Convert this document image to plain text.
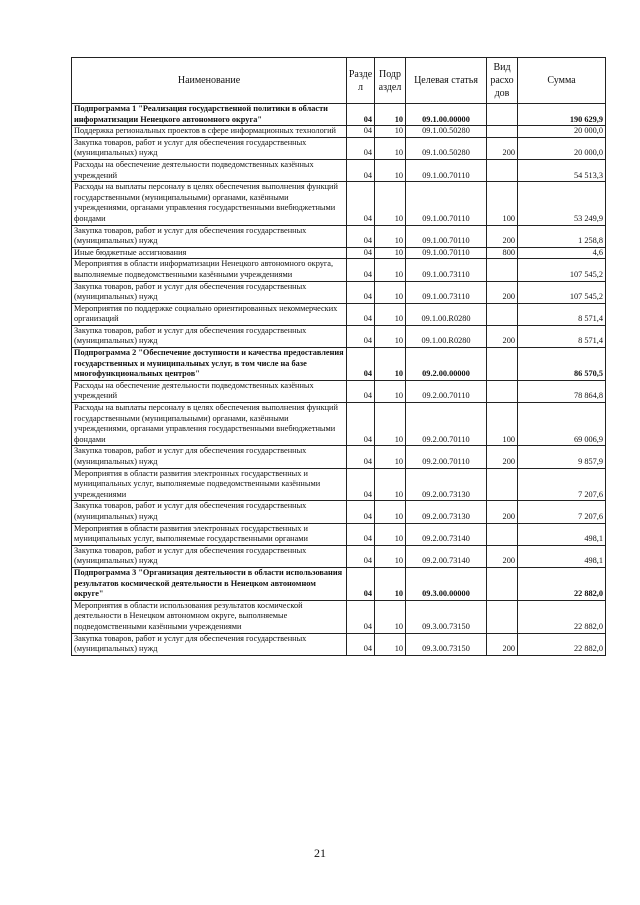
Наименование	Разде л	Подр аздел	Целевая статья	Вид расхо дов	Сумма
Подпрограмма 1 "Реализация государственной политики в области информатизации Ненецкого автономного округа"	04	10	09.1.00.00000		190 629,9
Поддержка региональных проектов в сфере информационных технологий	04	10	09.1.00.50280		20 000,0
Закупка товаров, работ и услуг для обеспечения государственных (муниципальных) нужд	04	10	09.1.00.50280	200	20 000,0
Расходы на обеспечение деятельности подведомственных казённых учреждений	04	10	09.1.00.70110		54 513,3
Расходы на выплаты персоналу в целях обеспечения выполнения функций государственными (муниципальными) органами, казёнными учреждениями, органами управления государственными внебюджетными фондами	04	10	09.1.00.70110	100	53 249,9
Закупка товаров, работ и услуг для обеспечения государственных (муниципальных) нужд	04	10	09.1.00.70110	200	1 258,8
Иные бюджетные ассигнования	04	10	09.1.00.70110	800	4,6
Мероприятия в области информатизации Ненецкого автономного округа, выполняемые подведомственными казёнными учреждениями	04	10	09.1.00.73110		107 545,2
Закупка товаров, работ и услуг для обеспечения государственных (муниципальных) нужд	04	10	09.1.00.73110	200	107 545,2
Мероприятия по поддержке социально ориентированных некоммерческих организаций	04	10	09.1.00.R0280		8 571,4
Закупка товаров, работ и услуг для обеспечения государственных (муниципальных) нужд	04	10	09.1.00.R0280	200	8 571,4
Подпрограмма 2 "Обеспечение доступности и качества предоставления государственных и муниципальных услуг, в том числе на базе многофункциональных центров"	04	10	09.2.00.00000		86 570,5
Расходы на обеспечение деятельности подведомственных казённых учреждений	04	10	09.2.00.70110		78 864,8
Расходы на выплаты персоналу в целях обеспечения выполнения функций государственными (муниципальными) органами, казёнными учреждениями, органами управления государственными внебюджетными фондами	04	10	09.2.00.70110	100	69 006,9
Закупка товаров, работ и услуг для обеспечения государственных (муниципальных) нужд	04	10	09.2.00.70110	200	9 857,9
Мероприятия в области развития электронных государственных и муниципальных услуг, выполняемые подведомственными казёнными учреждениями	04	10	09.2.00.73130		7 207,6
Закупка товаров, работ и услуг для обеспечения государственных (муниципальных) нужд	04	10	09.2.00.73130	200	7 207,6
Мероприятия в области развития электронных государственных и муниципальных услуг, выполняемые государственными органами	04	10	09.2.00.73140		498,1
Закупка товаров, работ и услуг для обеспечения государственных (муниципальных) нужд	04	10	09.2.00.73140	200	498,1
Подпрограмма 3 "Организация деятельности в области использования результатов космической деятельности в Ненецком автономном округе"	04	10	09.3.00.00000		22 882,0
Мероприятия в области использования результатов космической деятельности в Ненецком автономном округе, выполняемые подведомственными казёнными учреждениями	04	10	09.3.00.73150		22 882,0
Закупка товаров, работ и услуг для обеспечения государственных (муниципальных) нужд	04	10	09.3.00.73150	200	22 882,0
21
